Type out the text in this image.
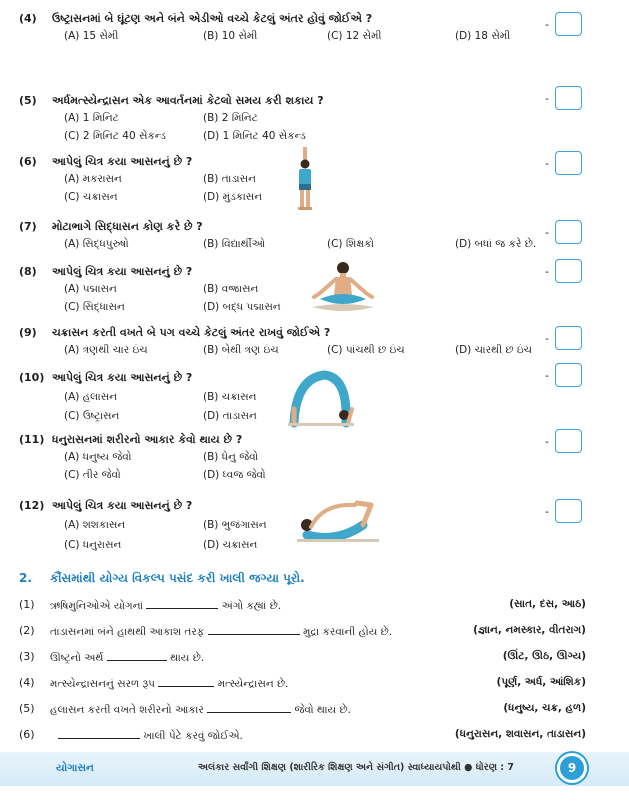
(4) ઉષ્ટ્રાસનમાં બે ઘૂંટણ અને બંને એડીઓ વચ્ચે કેટલું અંતર હોવું જોઈએ ?
(A) 15 સેમી	(B) 10 સેમી	(C) 12 સેમી	(D) 18 સેમી
-
(5) અર્ધમત્સ્યેન્દ્રાસન એક આવર્તનમાં કેટલો સમય કરી શકાય ?
(A) 1 મિનિટ	(B) 2 મિનિટ
(C) 2 મિનિટ 40 સેકન્ડ	(D) 1 મિનિટ 40 સેકન્ડ
-
(6) આપેલું ચિત્ર કયા આસનનું છે ?
(A) મકરાસન	(B) તાડાસન
(C) ચક્રાસન	(D) મુંડકાસન
-
(7) મોટાભાગે સિદ્ધાસન કોણ કરે છે ?
(A) સિદ્ધપુરુષો	(B) વિદ્યાર્થીઓ	(C) શિક્ષકો	(D) બધાં જ કરે છે.
-
(8) આપેલું ચિત્ર કયા આસનનું છે ?
(A) પદ્માસન	(B) વજ્રાસન
(C) સિદ્ધાસન	(D) બદ્ધ પદ્માસન
-
(9) ચક્રાસન કરતી વખતે બે પગ વચ્ચે કેટલું અંતર રાખવું જોઈએ ?
(A) ત્રણથી ચાર ઇંચ	(B) બેથી ત્રણ ઇંચ	(C) પાંચથી છ ઇંચ	(D) ચારથી છ ઇંચ
-
(10) આપેલું ચિત્ર કયા આસનનું છે ?
(A) હલાસન	(B) ચક્રાસન
(C) ઉષ્ટ્રાસન	(D) તાડાસન
-
(11) ધનુરાસનમાં શરીરનો આકાર કેવો થાય છે ?
(A) ધનુષ્ય જેવો	(B) ધેનુ જેવો
(C) તીર જેવો	(D) ધ્વજ જેવો
-
(12) આપેલું ચિત્ર કયા આસનનું છે ?
(A) શશકાસન	(B) ભુજંગાસન
(C) ધનુરાસન	(D) ચક્રાસન
-
2. કૌંસમાંથી યોગ્ય વિકલ્પ પસંદ કરી ખાલી જગ્યા પૂરો.
(1) ઋષિમુનિઓએ યોગનાં	અંગો કહ્યાં છે.	(સાત, દસ, આઠ)
(2) તાડાસનમાં બંને હાથથી આકાશ તરફ	મુદ્રા કરવાની હોય છે.	(જ્ઞાન, નમસ્કાર, વીતરાગ)
(3) ઊષ્ટ્રનો અર્થ	થાય છે.	(ઊંટ, ઊઠ, ઊગ્ય)
(4) મત્સ્યેન્દ્રાસનનું સરળ રૂપ	મત્સ્યેન્દ્રાસન છે.	(પૂર્ણ, અર્ધ, આંશિક)
(5) હલાસન કરતી વખતે શરીરનો આકાર	જેવો થાય છે.	(ધનુષ્ય, ચક્ર, હળ)
(6)	ખાલી પેટે કરવું જોઈએ.	(ધનુરાસન, શવાસન, તાડાસન)
યોગાસન	અલંકાર સર્વાંગી શિક્ષણ (શારીરિક શિક્ષણ અને સંગીત) સ્વાધ્યાયપોથી ● ધોરણ : 7	9
